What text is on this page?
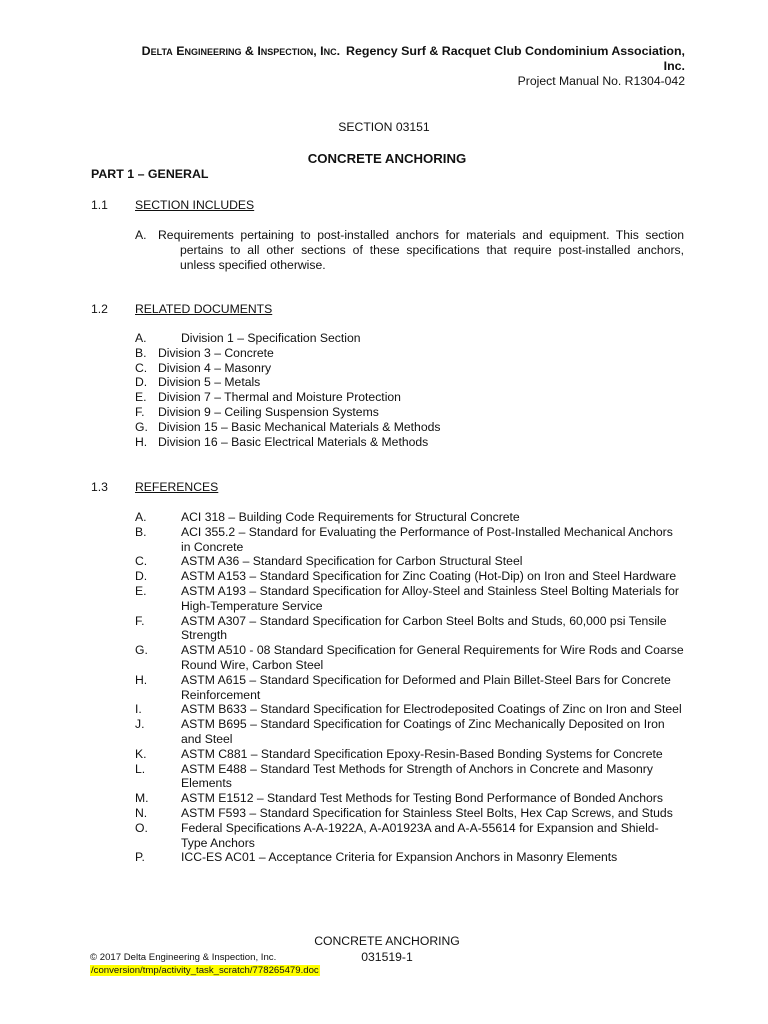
Delta Engineering & Inspection, Inc. Regency Surf & Racquet Club Condominium Association,
Inc.
Project Manual No. R1304-042
SECTION 03151
CONCRETE ANCHORING
PART 1 – GENERAL
1.1 SECTION INCLUDES
A. Requirements pertaining to post-installed anchors for materials and equipment. This section pertains to all other sections of these specifications that require post-installed anchors, unless specified otherwise.
1.2 RELATED DOCUMENTS
A.	Division 1 – Specification Section
B. Division 3 – Concrete
C. Division 4 – Masonry
D. Division 5 – Metals
E. Division 7 – Thermal and Moisture Protection
F. Division 9 – Ceiling Suspension Systems
G. Division 15 – Basic Mechanical Materials & Methods
H. Division 16 – Basic Electrical Materials & Methods
1.3 REFERENCES
A.	ACI 318 – Building Code Requirements for Structural Concrete
B.	ACI 355.2 – Standard for Evaluating the Performance of Post-Installed Mechanical Anchors in Concrete
C.	ASTM A36 – Standard Specification for Carbon Structural Steel
D.	ASTM A153 – Standard Specification for Zinc Coating (Hot-Dip) on Iron and Steel Hardware
E.	ASTM A193 – Standard Specification for Alloy-Steel and Stainless Steel Bolting Materials for High-Temperature Service
F.	ASTM A307 – Standard Specification for Carbon Steel Bolts and Studs, 60,000 psi Tensile Strength
G.	ASTM A510 - 08 Standard Specification for General Requirements for Wire Rods and Coarse Round Wire, Carbon Steel
H.	ASTM A615 – Standard Specification for Deformed and Plain Billet-Steel Bars for Concrete Reinforcement
I.	ASTM B633 – Standard Specification for Electrodeposited Coatings of Zinc on Iron and Steel
J.	ASTM B695 – Standard Specification for Coatings of Zinc Mechanically Deposited on Iron and Steel
K.	ASTM C881 – Standard Specification Epoxy-Resin-Based Bonding Systems for Concrete
L.	ASTM E488 – Standard Test Methods for Strength of Anchors in Concrete and Masonry Elements
M.	ASTM E1512 – Standard Test Methods for Testing Bond Performance of Bonded Anchors
N.	ASTM F593 – Standard Specification for Stainless Steel Bolts, Hex Cap Screws, and Studs
O.	Federal Specifications A-A-1922A, A-A01923A and A-A-55614 for Expansion and Shield-Type Anchors
P.	ICC-ES AC01 – Acceptance Criteria for Expansion Anchors in Masonry Elements
CONCRETE ANCHORING
031519-1
© 2017 Delta Engineering & Inspection, Inc.
/conversion/tmp/activity_task_scratch/778265479.doc
